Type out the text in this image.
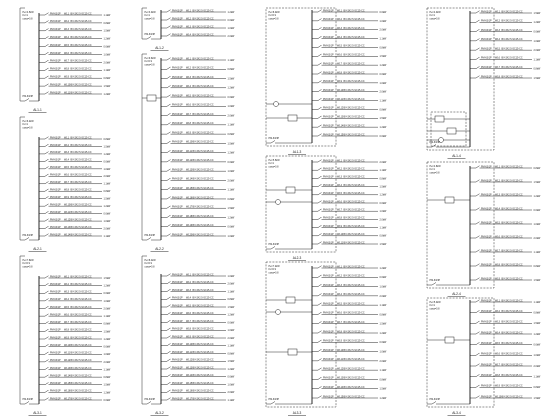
PM-63/3P
Pe=4.5kW
Kx=1
cosφ=0.8
PM-63/1P WL1 BV-3X2.5-SC15-CC
1.1kW
PM-63/1P WL2 BV-3X2.5-SC15-CC
0.8kW
PM-63/1P WL3 BV-3X2.5-SC15-CC
1.5kW
PM-63/1P WL4 BV-3X2.5-SC15-CC
1.2kW
PM-63/1P WL5 BV-3X2.5-SC15-CC
0.6kW
PM-63/1P WL6 BV-3X2.5-SC15-CC
1.0kW
PM-63/1P WL7 BV-3X2.5-SC15-CC
2.0kW
PM-63/1P WL8 BV-3X2.5-SC15-CC
1.1kW
PM-63/1P WL9 BV-3X2.5-SC15-CC
0.8kW
PM-63/1P WL10 BV-3X2.5-SC15-CC
1.5kW
PM-63/1P WL11 BV-3X2.5-SC15-CC
1.2kW
AL1-1
PM-63/3P
Pe=6.2kW
Kx=1
cosφ=0.8
PM-63/1P WL1 BV-3X2.5-SC15-CC
0.8kW
PM-63/1P WL2 BV-3X2.5-SC15-CC
1.5kW
PM-63/1P WL3 BV-3X2.5-SC15-CC
1.2kW
PM-63/1P WL4 BV-3X2.5-SC15-CC
0.6kW
PM-63/1P WL5 BV-3X2.5-SC15-CC
1.0kW
PM-63/1P WL6 BV-3X2.5-SC15-CC
2.0kW
PM-63/1P WL7 BV-3X2.5-SC15-CC
1.1kW
PM-63/1P WL8 BV-3X2.5-SC15-CC
0.8kW
PM-63/1P WL9 BV-3X2.5-SC15-CC
1.5kW
PM-63/1P WL10 BV-3X2.5-SC15-CC
1.2kW
PM-63/1P WL11 BV-3X2.5-SC15-CC
0.6kW
PM-63/1P WL12 BV-3X2.5-SC15-CC
1.0kW
PM-63/1P WL13 BV-3X2.5-SC15-CC
2.0kW
PM-63/1P WL14 BV-3X2.5-SC15-CC
1.1kW
AL2-1
PM-63/3P
Pe=7.8kW
Kx=0.9
cosφ=0.8
PM-63/1P WL1 BV-3X2.5-SC15-CC
1.5kW
PM-63/1P WL2 BV-3X2.5-SC15-CC
1.2kW
PM-63/1P WL3 BV-3X2.5-SC15-CC
0.6kW
PM-63/1P WL4 BV-3X2.5-SC15-CC
1.0kW
PM-63/1P WL5 BV-3X2.5-SC15-CC
2.0kW
PM-63/1P WL6 BV-3X2.5-SC15-CC
1.1kW
PM-63/1P WL7 BV-3X2.5-SC15-CC
0.8kW
PM-63/1P WL8 BV-3X2.5-SC15-CC
1.5kW
PM-63/1P WL9 BV-3X2.5-SC15-CC
1.2kW
PM-63/1P WL10 BV-3X2.5-SC15-CC
0.6kW
PM-63/1P WL11 BV-3X2.5-SC15-CC
1.0kW
PM-63/1P WL12 BV-3X2.5-SC15-CC
2.0kW
PM-63/1P WL13 BV-3X2.5-SC15-CC
1.1kW
PM-63/1P WL14 BV-3X2.5-SC15-CC
0.8kW
PM-63/1P WL15 BV-3X2.5-SC15-CC
1.5kW
PM-63/1P WL16 BV-3X2.5-SC15-CC
1.2kW
PM-63/1P WL17 BV-3X2.5-SC15-CC
0.6kW
AL3-1
PM-63/3P
Pe=3.0kW
Kx=1
cosφ=0.8
PM-63/1P WL1 BV-3X2.5-SC15-CC
1.2kW
PM-63/1P WL2 BV-3X2.5-SC15-CC
0.6kW
PM-63/1P WL3 BV-3X2.5-SC15-CC
1.0kW
PM-63/1P WL4 BV-3X2.5-SC15-CC
2.0kW
AL1-2
PM-63/3P
Pe=9.6kW
Kx=0.9
cosφ=0.8
PM-63/1P WL1 BV-3X2.5-SC15-CC
1.1kW
PM-63/1P WL2 BV-3X2.5-SC15-CC
0.8kW
PM-63/1P WL3 BV-3X2.5-SC15-CC
1.5kW
PM-63/1P WL4 BV-3X2.5-SC15-CC
1.2kW
PM-63/1P WL5 BV-3X2.5-SC15-CC
0.6kW
PM-63/1P WL6 BV-3X2.5-SC15-CC
1.0kW
PM-63/1P WL7 BV-3X2.5-SC15-CC
2.0kW
PM-63/1P WL8 BV-3X2.5-SC15-CC
1.1kW
PM-63/1P WL9 BV-3X2.5-SC15-CC
0.8kW
PM-63/1P WL10 BV-3X2.5-SC15-CC
1.5kW
PM-63/1P WL11 BV-3X2.5-SC15-CC
1.2kW
PM-63/1P WL12 BV-3X2.5-SC15-CC
0.6kW
PM-63/1P WL13 BV-3X2.5-SC15-CC
1.0kW
PM-63/1P WL14 BV-3X2.5-SC15-CC
2.0kW
PM-63/1P WL15 BV-3X2.5-SC15-CC
1.1kW
PM-63/1P WL16 BV-3X2.5-SC15-CC
0.8kW
PM-63/1P WL17 BV-3X2.5-SC15-CC
1.5kW
PM-63/1P WL18 BV-3X2.5-SC15-CC
1.2kW
PM-63/1P WL19 BV-3X2.5-SC15-CC
0.6kW
PM-63/1P WL20 BV-3X2.5-SC15-CC
1.0kW
AL2-2
PM-63/3P
Pe=8.4kW
Kx=0.9
cosφ=0.8
PM-63/1P WL1 BV-3X2.5-SC15-CC
1.0kW
PM-63/1P WL2 BV-3X2.5-SC15-CC
2.0kW
PM-63/1P WL3 BV-3X2.5-SC15-CC
1.1kW
PM-63/1P WL4 BV-3X2.5-SC15-CC
0.8kW
PM-63/1P WL5 BV-3X2.5-SC15-CC
1.5kW
PM-63/1P WL6 BV-3X2.5-SC15-CC
1.2kW
PM-63/1P WL7 BV-3X2.5-SC15-CC
0.6kW
PM-63/1P WL8 BV-3X2.5-SC15-CC
1.0kW
PM-63/1P WL9 BV-3X2.5-SC15-CC
2.0kW
PM-63/1P WL10 BV-3X2.5-SC15-CC
1.1kW
PM-63/1P WL11 BV-3X2.5-SC15-CC
0.8kW
PM-63/1P WL12 BV-3X2.5-SC15-CC
1.5kW
PM-63/1P WL13 BV-3X2.5-SC15-CC
1.2kW
PM-63/1P WL14 BV-3X2.5-SC15-CC
0.6kW
PM-63/1P WL15 BV-3X2.5-SC15-CC
1.0kW
PM-63/1P WL16 BV-3X2.5-SC15-CC
2.0kW
PM-63/1P WL17 BV-3X2.5-SC15-CC
1.1kW
AL3-2
PM-63/3P
Pe=8.0kW
Kx=0.9
cosφ=0.8
PM-63/1P WL1 BV-3X2.5-SC15-CC
0.6kW
PM-63/1P WL2 BV-3X2.5-SC15-CC
1.0kW
PM-63/1P WL3 BV-3X2.5-SC15-CC
2.0kW
PM-63/1P WL4 BV-3X2.5-SC15-CC
1.1kW
PM-63/1P WL5 BV-3X2.5-SC15-CC
0.8kW
PM-63/1P WL6 BV-3X2.5-SC15-CC
1.5kW
PM-63/1P WL7 BV-3X2.5-SC15-CC
1.2kW
PM-63/1P WL8 BV-3X2.5-SC15-CC
0.6kW
PM-63/1P WL9 BV-3X2.5-SC15-CC
1.0kW
PM-63/1P WL10 BV-3X2.5-SC15-CC
2.0kW
PM-63/1P WL11 BV-3X2.5-SC15-CC
1.1kW
PM-63/1P WL12 BV-3X2.5-SC15-CC
0.8kW
PM-63/1P WL13 BV-3X2.5-SC15-CC
1.5kW
PM-63/1P WL14 BV-3X2.5-SC15-CC
1.2kW
PM-63/1P WL15 BV-3X2.5-SC15-CC
0.6kW
AL1-3
PM-63/3P
Pe=5.5kW
Kx=1
cosφ=0.8
PM-63/1P WL1 BV-3X2.5-SC15-CC
2.0kW
PM-63/1P WL2 BV-3X2.5-SC15-CC
1.1kW
PM-63/1P WL3 BV-3X2.5-SC15-CC
0.8kW
PM-63/1P WL4 BV-3X2.5-SC15-CC
1.5kW
PM-63/1P WL5 BV-3X2.5-SC15-CC
1.2kW
PM-63/1P WL6 BV-3X2.5-SC15-CC
0.6kW
PM-63/1P WL7 BV-3X2.5-SC15-CC
1.0kW
PM-63/1P WL8 BV-3X2.5-SC15-CC
2.0kW
PM-63/1P WL9 BV-3X2.5-SC15-CC
1.1kW
PM-63/1P WL10 BV-3X2.5-SC15-CC
0.8kW
PM-63/1P WL11 BV-3X2.5-SC15-CC
1.5kW
AL2-3
PM-63/3P
Pe=7.2kW
Kx=0.9
cosφ=0.8
PM-63/1P WL1 BV-3X2.5-SC15-CC
1.2kW
PM-63/1P WL2 BV-3X2.5-SC15-CC
0.6kW
PM-63/1P WL3 BV-3X2.5-SC15-CC
1.0kW
PM-63/1P WL4 BV-3X2.5-SC15-CC
2.0kW
PM-63/1P WL5 BV-3X2.5-SC15-CC
1.1kW
PM-63/1P WL6 BV-3X2.5-SC15-CC
0.8kW
PM-63/1P WL7 BV-3X2.5-SC15-CC
1.5kW
PM-63/1P WL8 BV-3X2.5-SC15-CC
1.2kW
PM-63/1P WL9 BV-3X2.5-SC15-CC
0.6kW
PM-63/1P WL10 BV-3X2.5-SC15-CC
1.0kW
PM-63/1P WL11 BV-3X2.5-SC15-CC
2.0kW
PM-63/1P WL12 BV-3X2.5-SC15-CC
1.1kW
PM-63/1P WL13 BV-3X2.5-SC15-CC
0.8kW
PM-63/1P WL14 BV-3X2.5-SC15-CC
1.5kW
PM-63/1P WL15 BV-3X2.5-SC15-CC
1.2kW
AL3-3
PM-63/3P
Pe=4.0kW
Kx=1
cosφ=0.8
PM-63/1P WL1 BV-3X2.5-SC15-CC
1.5kW
PM-63/1P WL2 BV-3X2.5-SC15-CC
1.2kW
PM-63/1P WL3 BV-3X2.5-SC15-CC
0.6kW
PM-63/1P WL4 BV-3X2.5-SC15-CC
1.0kW
PM-63/1P WL5 BV-3X2.5-SC15-CC
2.0kW
PM-63/1P WL6 BV-3X2.5-SC15-CC
1.1kW
PM-63/1P WL7 BV-3X2.5-SC15-CC
0.8kW
PM-63/1P WL8 BV-3X2.5-SC15-CC
1.5kW
AL1-4
PM-63/3P
Pe=4.8kW
Kx=1
cosφ=0.8
PM-63/1P WL1 BV-3X2.5-SC15-CC
0.8kW
PM-63/1P WL2 BV-3X2.5-SC15-CC
1.5kW
PM-63/1P WL3 BV-3X2.5-SC15-CC
1.2kW
PM-63/1P WL4 BV-3X2.5-SC15-CC
0.6kW
PM-63/1P WL5 BV-3X2.5-SC15-CC
1.0kW
PM-63/1P WL6 BV-3X2.5-SC15-CC
2.0kW
PM-63/1P WL7 BV-3X2.5-SC15-CC
1.1kW
PM-63/1P WL8 BV-3X2.5-SC15-CC
0.8kW
PM-63/1P WL9 BV-3X2.5-SC15-CC
1.5kW
AL2-4
PM-63/3P
Pe=5.0kW
Kx=1
cosφ=0.8
PM-63/1P WL1 BV-3X2.5-SC15-CC
1.1kW
PM-63/1P WL2 BV-3X2.5-SC15-CC
0.8kW
PM-63/1P WL3 BV-3X2.5-SC15-CC
1.5kW
PM-63/1P WL4 BV-3X2.5-SC15-CC
1.2kW
PM-63/1P WL5 BV-3X2.5-SC15-CC
0.6kW
PM-63/1P WL6 BV-3X2.5-SC15-CC
1.0kW
PM-63/1P WL7 BV-3X2.5-SC15-CC
2.0kW
PM-63/1P WL8 BV-3X2.5-SC15-CC
1.1kW
PM-63/1P WL9 BV-3X2.5-SC15-CC
0.8kW
PM-63/1P WL10 BV-3X2.5-SC15-CC
1.5kW
AL3-4
